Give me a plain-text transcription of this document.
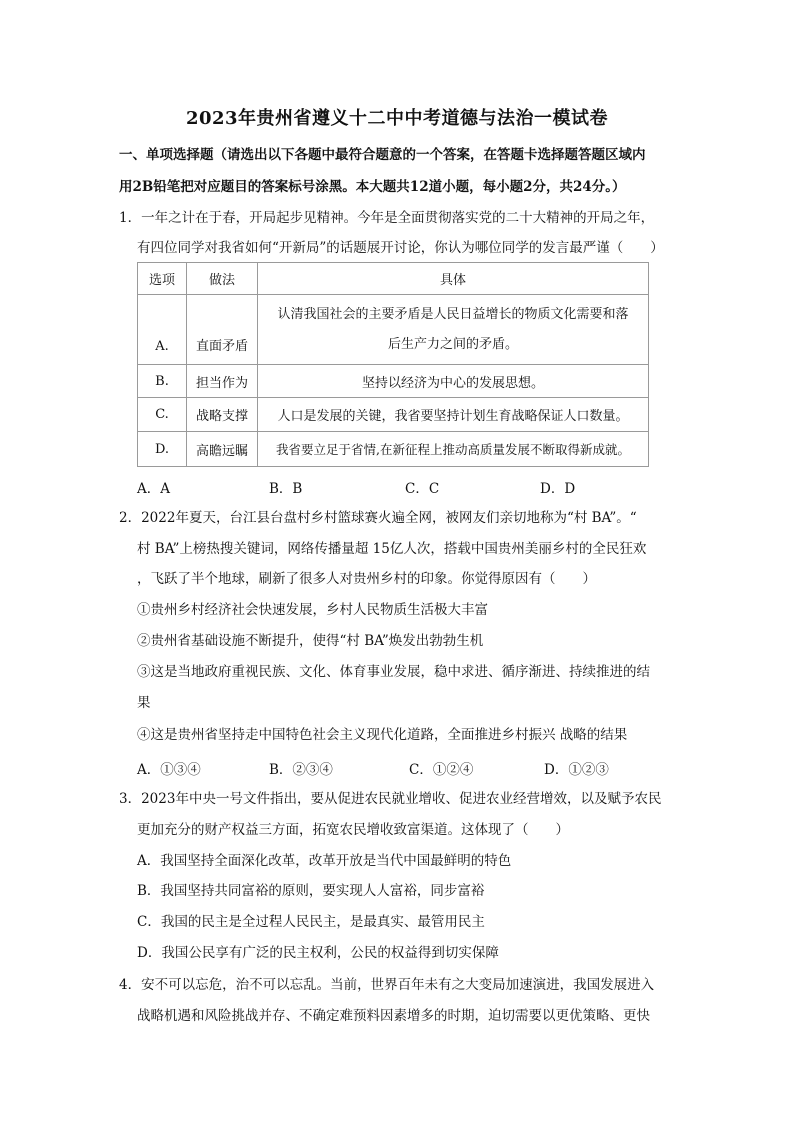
2023年贵州省遵义十二中中考道德与法治一模试卷
一、单项选择题（请选出以下各题中最符合题意的一个答案，在答题卡选择题答题区域内
用2B铅笔把对应题目的答案标号涂黑。本大题共12道小题，每小题2分，共24分。）
1．一年之计在于春，开局起步见精神。今年是全面贯彻落实党的二十大精神的开局之年，
有四位同学对我省如何“开新局”的话题展开讨论，你认为哪位同学的发言最严谨（　　）
选项	做法	具体
A.	直面矛盾	认清我国社会的主要矛盾是人民日益增长的物质文化需要和落
后生产力之间的矛盾。

B.	担当作为	坚持以经济为中心的发展思想。
C.	战略支撑	人口是发展的关键，我省要坚持计划生育战略保证人口数量。
D.	高瞻远瞩	我省要立足于省情,在新征程上推动高质量发展不断取得新成就。
A．A	B．B	C．C	D．D
2．2022年夏天，台江县台盘村乡村篮球赛火遍全网，被网友们亲切地称为“村 BA”。“
村 BA”上榜热搜关键词，网络传播量超 15亿人次，搭载中国贵州美丽乡村的全民狂欢
，飞跃了半个地球，刷新了很多人对贵州乡村的印象。你觉得原因有（　　）
①贵州乡村经济社会快速发展，乡村人民物质生活极大丰富
②贵州省基础设施不断提升，使得“村 BA”焕发出勃勃生机
③这是当地政府重视民族、文化、体育事业发展，稳中求进、循序渐进、持续推进的结
果
④这是贵州省坚持走中国特色社会主义现代化道路，全面推进乡村振兴 战略的结果
A．①③④	B．②③④	C．①②④	D．①②③
3．2023年中央一号文件指出，要从促进农民就业增收、促进农业经营增效，以及赋予农民
更加充分的财产权益三方面，拓宽农民增收致富渠道。这体现了（　　）
A．我国坚持全面深化改革，改革开放是当代中国最鲜明的特色
B．我国坚持共同富裕的原则，要实现人人富裕，同步富裕
C．我国的民主是全过程人民民主，是最真实、最管用民主
D．我国公民享有广泛的民主权利，公民的权益得到切实保障
4．安不可以忘危，治不可以忘乱。当前，世界百年未有之大变局加速演进，我国发展进入
战略机遇和风险挑战并存、不确定难预料因素增多的时期，迫切需要以更优策略、更快
